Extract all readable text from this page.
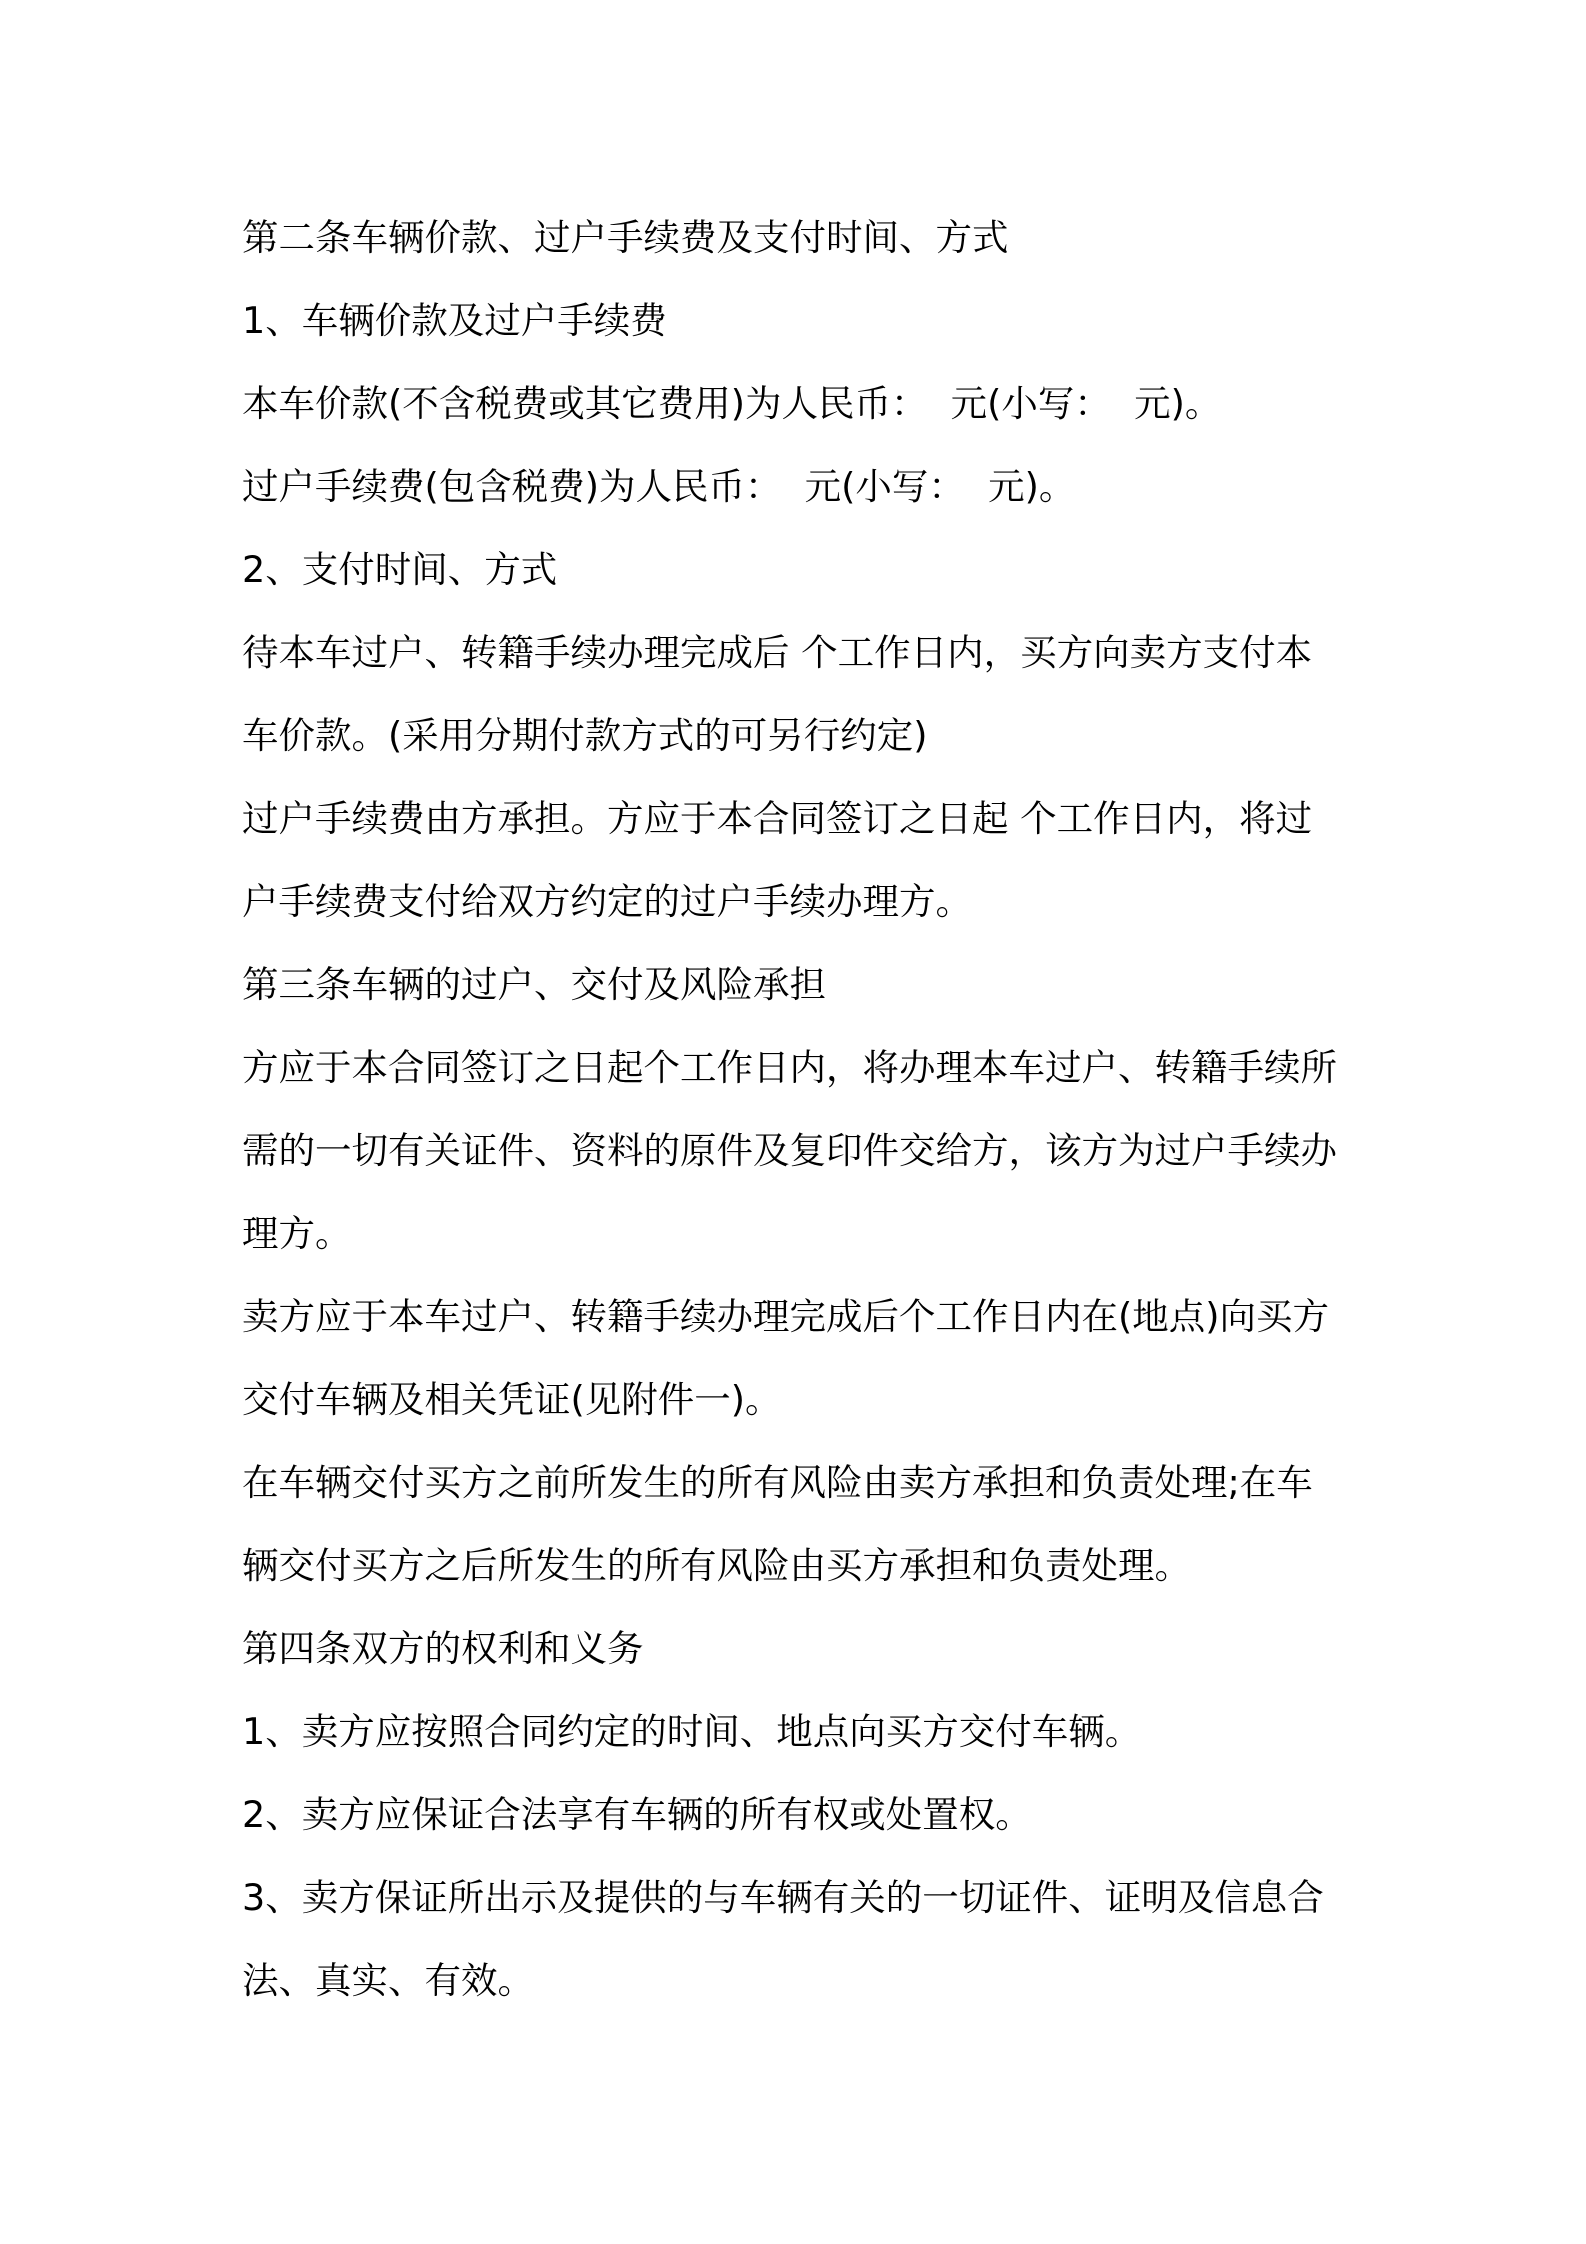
第二条车辆价款、过户手续费及支付时间、方式
1、车辆价款及过户手续费
本车价款(不含税费或其它费用)为人民币：  元(小写：  元)。
过户手续费(包含税费)为人民币：  元(小写：  元)。
2、支付时间、方式
待本车过户、转籍手续办理完成后 个工作日内，买方向卖方支付本
车价款。(采用分期付款方式的可另行约定)
过户手续费由方承担。方应于本合同签订之日起 个工作日内，将过
户手续费支付给双方约定的过户手续办理方。
第三条车辆的过户、交付及风险承担
方应于本合同签订之日起个工作日内，将办理本车过户、转籍手续所
需的一切有关证件、资料的原件及复印件交给方，该方为过户手续办
理方。
卖方应于本车过户、转籍手续办理完成后个工作日内在(地点)向买方
交付车辆及相关凭证(见附件一)。
在车辆交付买方之前所发生的所有风险由卖方承担和负责处理;在车
辆交付买方之后所发生的所有风险由买方承担和负责处理。
第四条双方的权利和义务
1、卖方应按照合同约定的时间、地点向买方交付车辆。
2、卖方应保证合法享有车辆的所有权或处置权。
3、卖方保证所出示及提供的与车辆有关的一切证件、证明及信息合
法、真实、有效。
